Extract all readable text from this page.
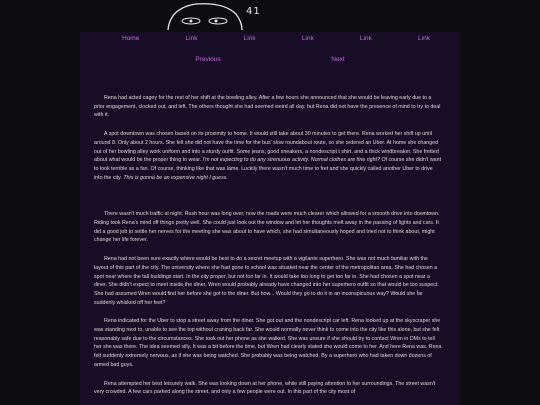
41
Home	Link	Link	Link	Link	Link
Previous	Next

Rena had acted cagey for the rest of her shift at the bowling alley. After a few hours she announced that she would be leaving early due to a prior engagement, clocked out, and left. The others thought she had seemed weird all day, but Rena did not have the presence of mind to try to deal with it.

A spot downtown was chosen based on its proximity to home. It would still take about 30 minutes to get there. Rena worked her shift up until around 8. Only about 2 hours. She felt she did not have the time for the bus' slow roundabout route, so she ordered an Uber. At home she changed out of her bowling alley work uniform and into a sturdy outfit. Some jeans, good sneakers, a nondescript t shirt, and a thick windbreaker. She fretted about what would be the proper thing to wear. I'm not expecting to do any strenuous activity. Normal clothes are fine right? Of course she didn't want to look terrible as a fan. Of course, thinking like that was lame. Luckily there wasn't much time to fret and she quickly called another Uber to drive into the city. This is gonna be an expensive night I guess.

There wasn't much traffic at night. Rush hour was long over, now the roads were much clearer which allowed for a smooth drive into downtown. Riding took Rena's mind off things pretty well. She could just look out the window and let her thoughts melt away in the passing of lights and cars. It did a good job to settle her nerves for the meeting she was about to have which, she had simultaneously hoped and tried not to think about, might change her life forever.

Rena had not been sure exactly where would be best to do a secret meetup with a vigilante superhero. She was not much familiar with the layout of this part of the city. The university where she had gone to school was situated near the center of the metropolitan area. She had chosen a spot near where the tall buildings start. In the city proper, but not too far in. It would take too long to get too far in. She had chosen a spot near a diner. She didn't expect to meet inside the diner, Wren would probably already have changed into her superhero outfit so that would be too suspect. She had assumed Wren would find her before she got to the diner. But how... Would they go to do it in an inconspicuous way? Would she be suddenly whisked off her feet?

Rena indicated for the Uber to stop a street away from the diner. She got out and the nondescript car left. Rena looked up at the skyscraper she was standing next to, unable to see the top without craning back far. She would normally never think to come into the city like this alone, but she felt reasonably safe due to the circumstances. She took out her phone as she walked. She was unsure if she should try to contact Wren in DMs to tell her she was there. The idea seemed silly. It was a bit before the time, but Wren had clearly stated she would come to her. And here Rena was. Rena felt suddenly extremely nervous, as if she was being watched. She probably was being watched. By a superhero who had taken down dozens of armed bad guys.

Rena attempted her best leisurely walk. She was looking down at her phone, while still paying attention to her surroundings. The street wasn't very crowded. A few cars parked along the street, and only a few people were out. In this part of the city most of
